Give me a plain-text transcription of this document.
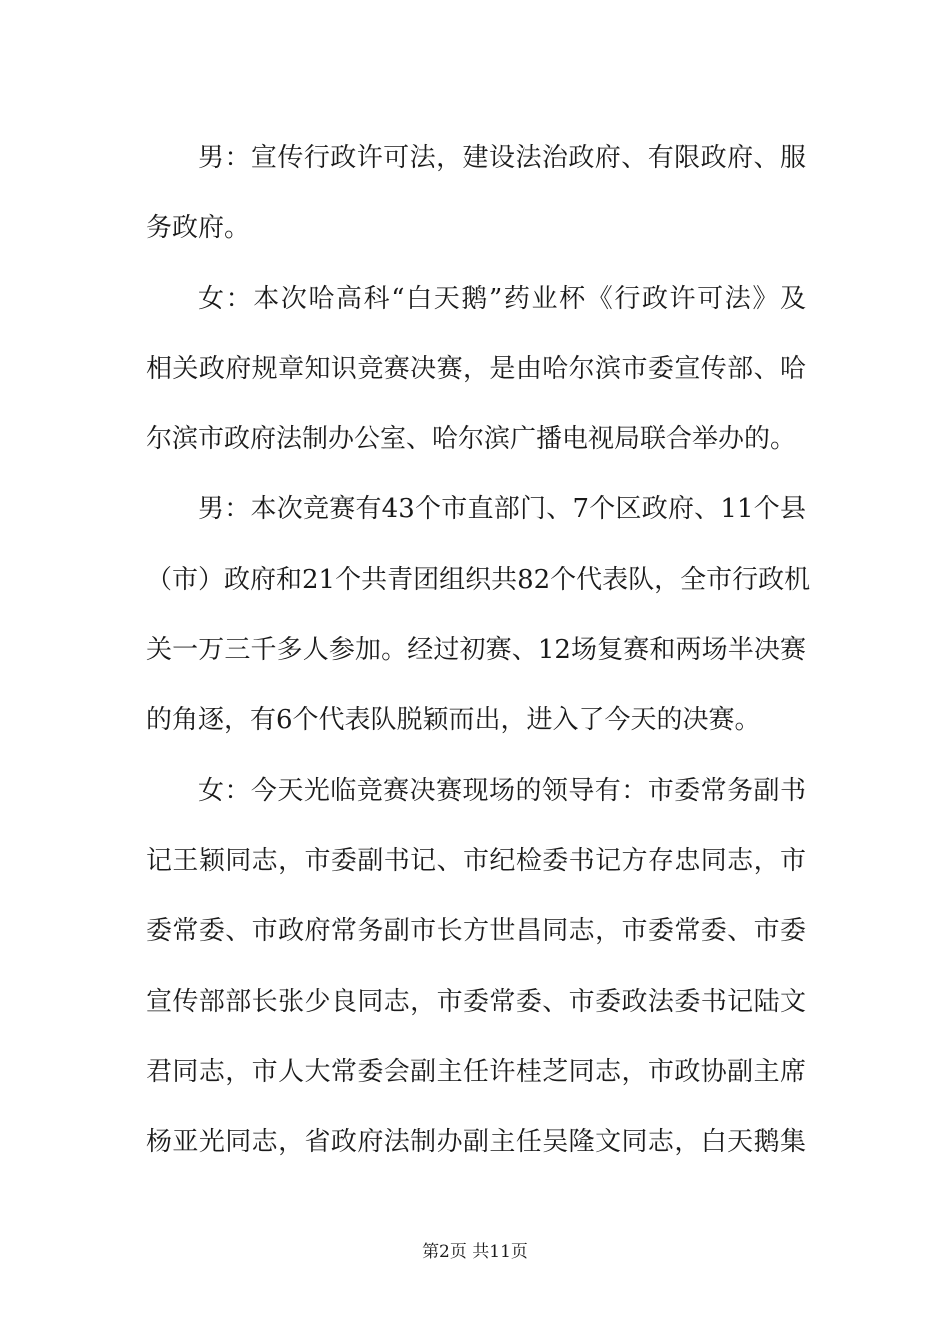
男：宣传行政许可法，建设法治政府、有限政府、服
务政府。
女：本次哈高科“白天鹅”药业杯《行政许可法》及
相关政府规章知识竞赛决赛，是由哈尔滨市委宣传部、哈
尔滨市政府法制办公室、哈尔滨广播电视局联合举办的。
男：本次竞赛有43个市直部门、7个区政府、11个县
（市）政府和21个共青团组织共82个代表队，全市行政机
关一万三千多人参加。经过初赛、12场复赛和两场半决赛
的角逐，有6个代表队脱颖而出，进入了今天的决赛。
女：今天光临竞赛决赛现场的领导有：市委常务副书
记王颖同志，市委副书记、市纪检委书记方存忠同志，市
委常委、市政府常务副市长方世昌同志，市委常委、市委
宣传部部长张少良同志，市委常委、市委政法委书记陆文
君同志，市人大常委会副主任许桂芝同志，市政协副主席
杨亚光同志，省政府法制办副主任吴隆文同志，白天鹅集
第2页 共11页
